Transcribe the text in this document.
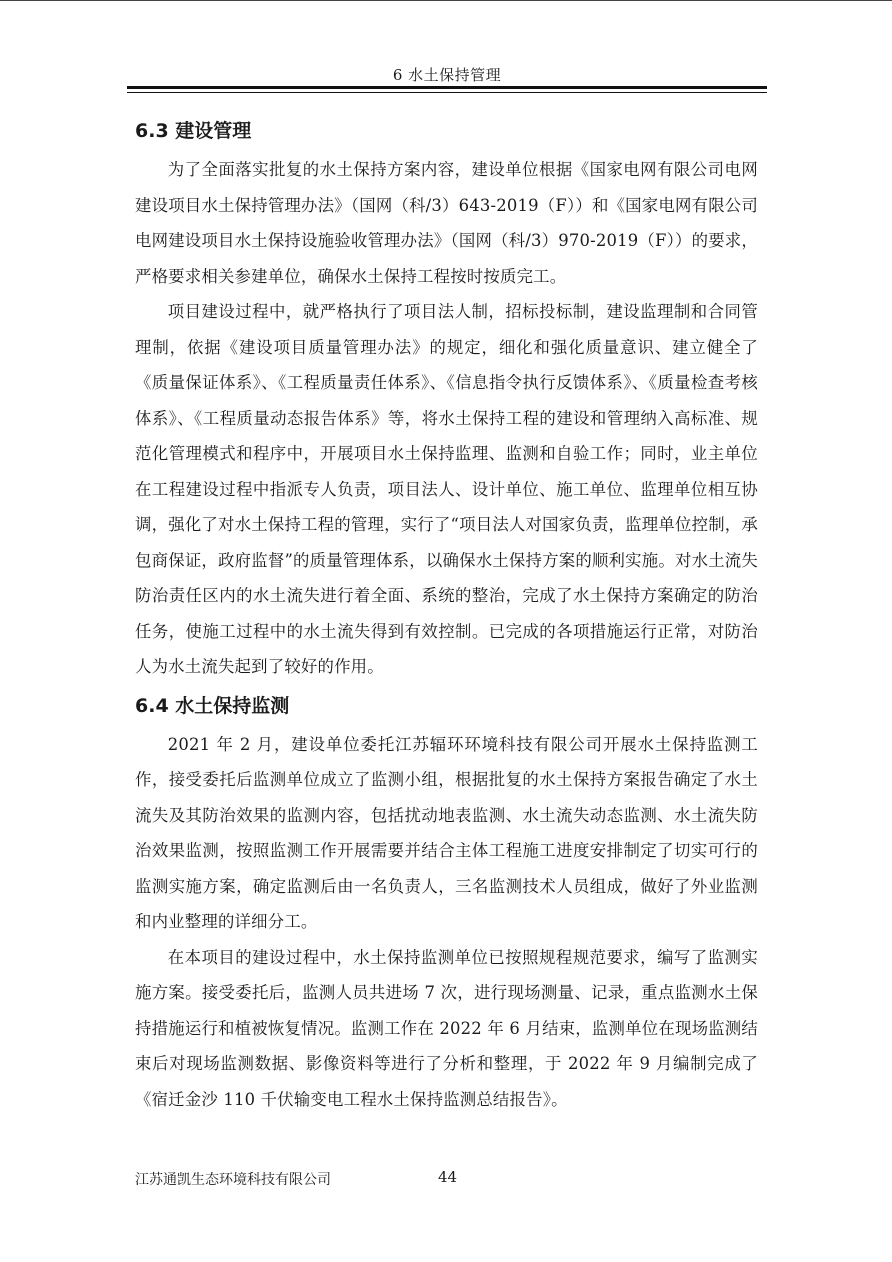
6 水土保持管理
6.3 建设管理

为了全面落实批复的水土保持方案内容，建设单位根据《国家电网有限公司电网建设项目水土保持管理办法》（国网（科/3）643-2019（F））和《国家电网有限公司电网建设项目水土保持设施验收管理办法》（国网（科/3）970-2019（F））的要求，严格要求相关参建单位，确保水土保持工程按时按质完工。

项目建设过程中，就严格执行了项目法人制，招标投标制，建设监理制和合同管理制，依据《建设项目质量管理办法》的规定，细化和强化质量意识、建立健全了《质量保证体系》、《工程质量责任体系》、《信息指令执行反馈体系》、《质量检查考核体系》、《工程质量动态报告体系》等，将水土保持工程的建设和管理纳入高标准、规范化管理模式和程序中，开展项目水土保持监理、监测和自验工作；同时，业主单位在工程建设过程中指派专人负责，项目法人、设计单位、施工单位、监理单位相互协调，强化了对水土保持工程的管理，实行了“项目法人对国家负责，监理单位控制，承包商保证，政府监督”的质量管理体系，以确保水土保持方案的顺利实施。对水土流失防治责任区内的水土流失进行着全面、系统的整治，完成了水土保持方案确定的防治任务，使施工过程中的水土流失得到有效控制。已完成的各项措施运行正常，对防治人为水土流失起到了较好的作用。

6.4 水土保持监测

2021 年 2 月，建设单位委托江苏辐环环境科技有限公司开展水土保持监测工作，接受委托后监测单位成立了监测小组，根据批复的水土保持方案报告确定了水土流失及其防治效果的监测内容，包括扰动地表监测、水土流失动态监测、水土流失防治效果监测，按照监测工作开展需要并结合主体工程施工进度安排制定了切实可行的监测实施方案，确定监测后由一名负责人，三名监测技术人员组成，做好了外业监测和内业整理的详细分工。

在本项目的建设过程中，水土保持监测单位已按照规程规范要求，编写了监测实施方案。接受委托后，监测人员共进场 7 次，进行现场测量、记录，重点监测水土保持措施运行和植被恢复情况。监测工作在 2022 年 6 月结束，监测单位在现场监测结束后对现场监测数据、影像资料等进行了分析和整理，于 2022 年 9 月编制完成了《宿迁金沙 110 千伏输变电工程水土保持监测总结报告》。

江苏通凯生态环境科技有限公司	44
